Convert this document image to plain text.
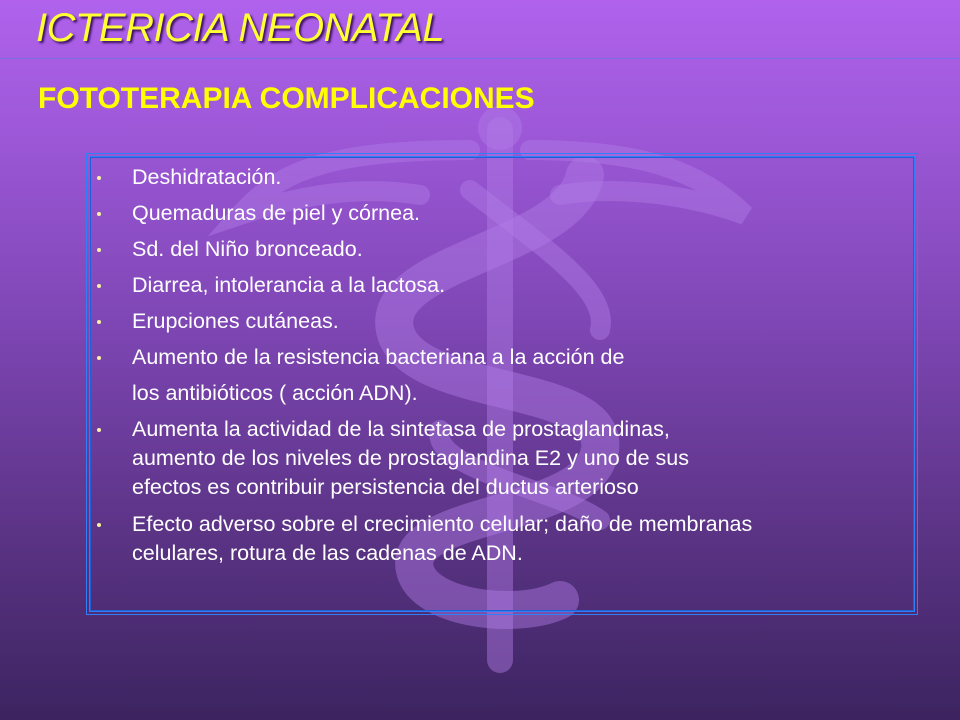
ICTERICIA NEONATAL
FOTOTERAPIA COMPLICACIONES
Deshidratación.
Quemaduras de piel y córnea.
Sd. del Niño bronceado.
Diarrea, intolerancia a la lactosa.
Erupciones cutáneas.
Aumento de la resistencia bacteriana a la acción de
los antibióticos ( acción ADN).
Aumenta la actividad de la sintetasa de prostaglandinas,
aumento de los niveles de prostaglandina E2 y uno de sus
efectos es contribuir persistencia del ductus arterioso
Efecto adverso sobre el crecimiento celular; daño de membranas
celulares, rotura de las cadenas de ADN.
